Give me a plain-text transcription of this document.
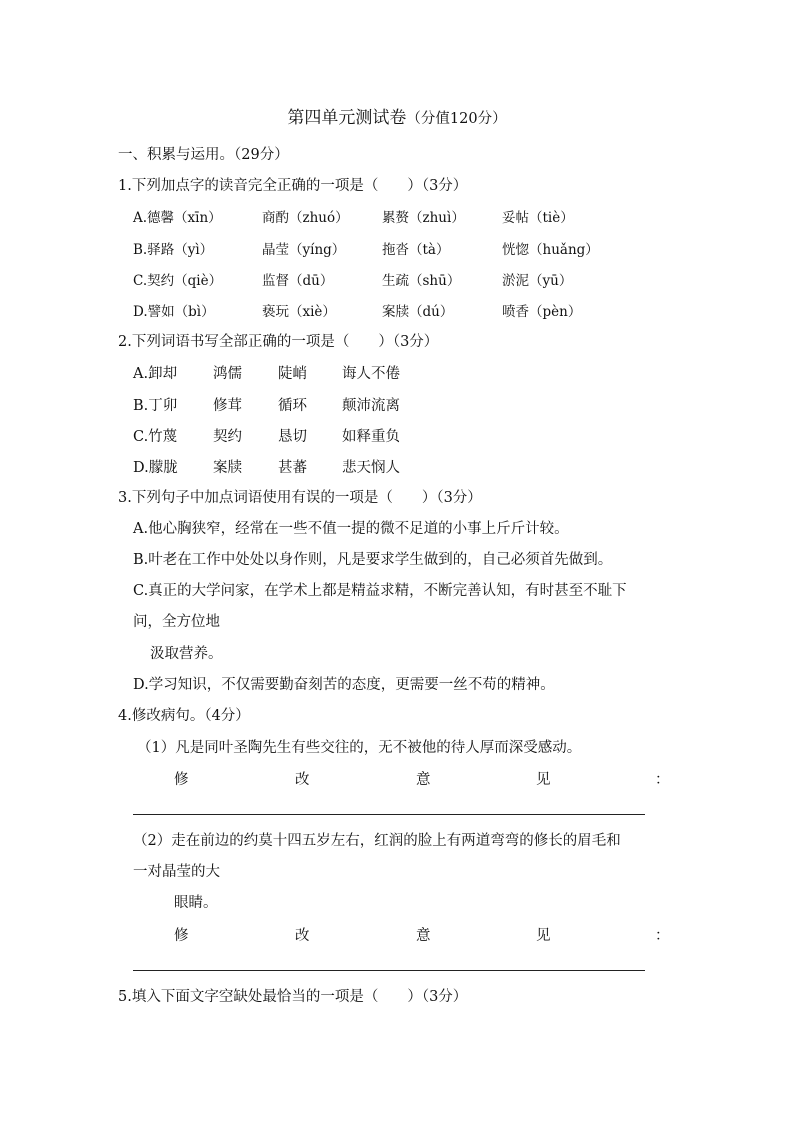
第四单元测试卷（分值120分）
一、积累与运用。（29分）
1.下列加点字的读音完全正确的一项是（　　）（3分）
A.德馨（xīn）	商酌（zhuó） 累赘（zhuì）	妥帖（tiè）
B.驿路（yì）	晶莹（yíng）	拖沓（tà）	恍惚（huǎng）
C.契约（qiè）	监督（dū）	生疏（shū）	淤泥（yū）
D.譬如（bì）	亵玩（xiè）	案牍（dú）	喷香（pèn）
2.下列词语书写全部正确的一项是（　　）（3分）
A.卸却 鸿儒 陡峭 诲人不倦
B.丁卯 修茸 循环 颠沛流离
C.竹蔑 契约 恳切 如释重负
D.朦胧 案牍 甚蕃 悲天悯人
3.下列句子中加点词语使用有误的一项是（　　）（3分）
A.他心胸狭窄，经常在一些不值一提的微不足道的小事上斤斤计较。
B.叶老在工作中处处以身作则，凡是要求学生做到的，自己必须首先做到。
C.真正的大学问家，在学术上都是精益求精，不断完善认知，有时甚至不耻下
问，全方位地
汲取营养。
D.学习知识，不仅需要勤奋刻苦的态度，更需要一丝不苟的精神。
4.修改病句。（4分）
（1）凡是同叶圣陶先生有些交往的，无不被他的待人厚而深受感动。
修	改	意	见	：
（2）走在前边的约莫十四五岁左右，红润的脸上有两道弯弯的修长的眉毛和
一对晶莹的大
眼睛。
修	改	意	见	：
5.填入下面文字空缺处最恰当的一项是（　　）（3分）
